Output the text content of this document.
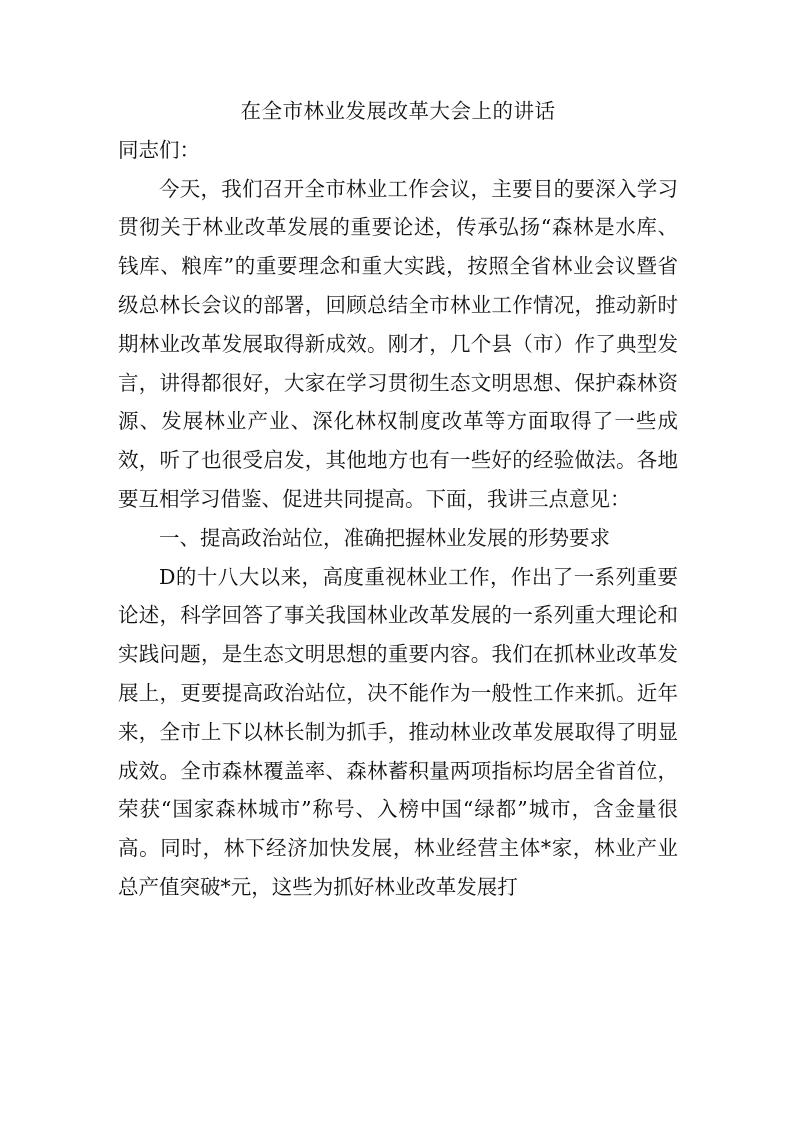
在全市林业发展改革大会上的讲话

同志们：

今天，我们召开全市林业工作会议，主要目的要深入学习贯彻关于林业改革发展的重要论述，传承弘扬“森林是水库、钱库、粮库”的重要理念和重大实践，按照全省林业会议暨省级总林长会议的部署，回顾总结全市林业工作情况，推动新时期林业改革发展取得新成效。刚才，几个县（市）作了典型发言，讲得都很好，大家在学习贯彻生态文明思想、保护森林资源、发展林业产业、深化林权制度改革等方面取得了一些成效，听了也很受启发，其他地方也有一些好的经验做法。各地要互相学习借鉴、促进共同提高。下面，我讲三点意见：

一、提高政治站位，准确把握林业发展的形势要求

D的十八大以来，高度重视林业工作，作出了一系列重要论述，科学回答了事关我国林业改革发展的一系列重大理论和实践问题，是生态文明思想的重要内容。我们在抓林业改革发展上，更要提高政治站位，决不能作为一般性工作来抓。近年来，全市上下以林长制为抓手，推动林业改革发展取得了明显成效。全市森林覆盖率、森林蓄积量两项指标均居全省首位，荣获“国家森林城市”称号、入榜中国“绿都”城市，含金量很高。同时，林下经济加快发展，林业经营主体*家，林业产业总产值突破*元，这些为抓好林业改革发展打
